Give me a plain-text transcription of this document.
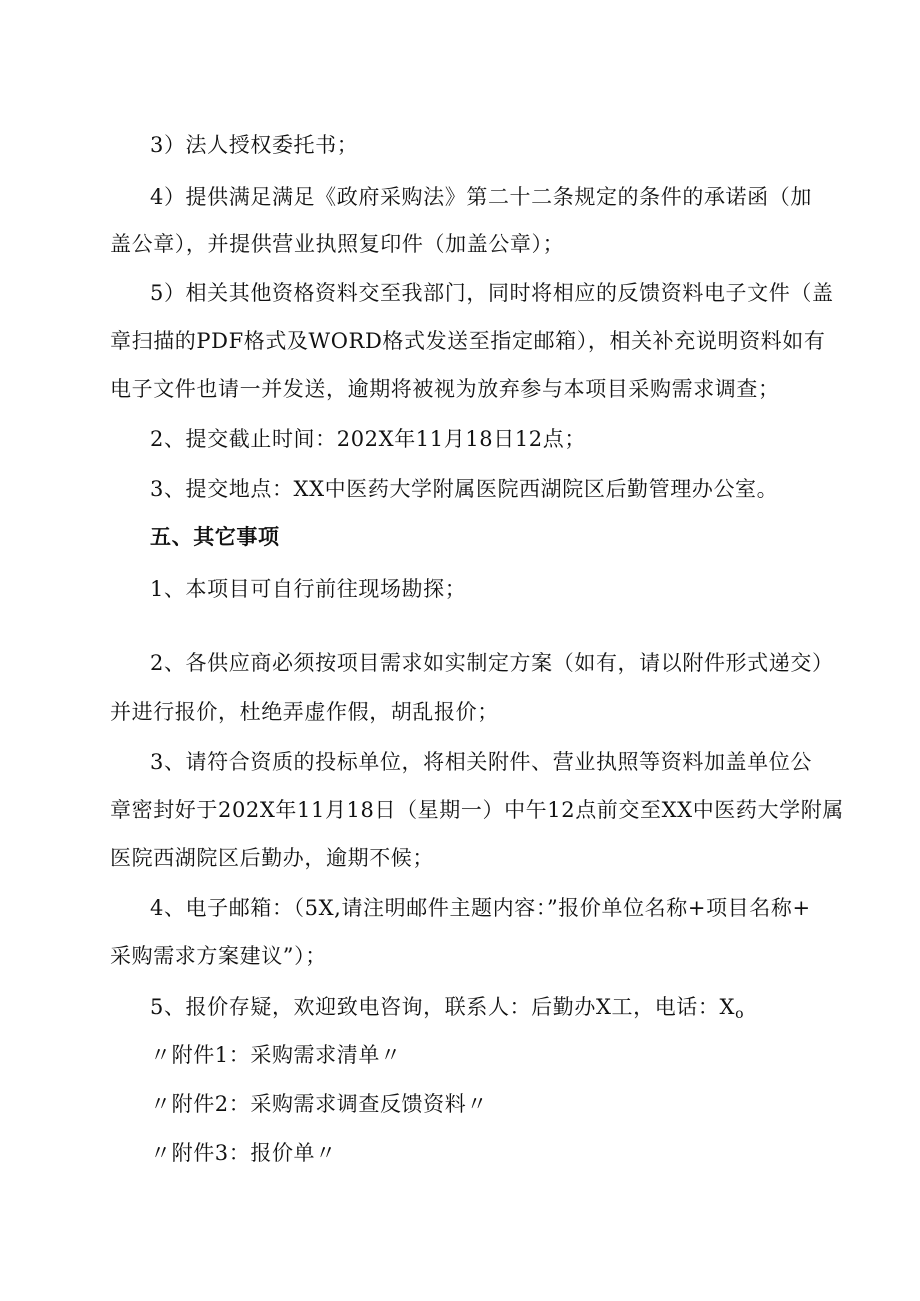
3）法人授权委托书；
4）提供满足满足《政府采购法》第二十二条规定的条件的承诺函（加
盖公章），并提供营业执照复印件（加盖公章）；
5）相关其他资格资料交至我部门，同时将相应的反馈资料电子文件（盖
章扫描的PDF格式及WORD格式发送至指定邮箱），相关补充说明资料如有
电子文件也请一并发送，逾期将被视为放弃参与本项目采购需求调查；
2、提交截止时间：202X年11月18日12点；
3、提交地点：XX中医药大学附属医院西湖院区后勤管理办公室。
五、其它事项
1、本项目可自行前往现场勘探；
2、各供应商必须按项目需求如实制定方案（如有，请以附件形式递交）
并进行报价，杜绝弄虚作假，胡乱报价；
3、请符合资质的投标单位，将相关附件、营业执照等资料加盖单位公
章密封好于202X年11月18日（星期一）中午12点前交至XX中医药大学附属
医院西湖院区后勤办，逾期不候；
4、电子邮箱：（5X,请注明邮件主题内容：”报价单位名称+项目名称+
采购需求方案建议”）；
5、报价存疑，欢迎致电咨询，联系人：后勤办X工，电话：Xo
〃附件1：采购需求清单〃
〃附件2：采购需求调查反馈资料〃
〃附件3：报价单〃
